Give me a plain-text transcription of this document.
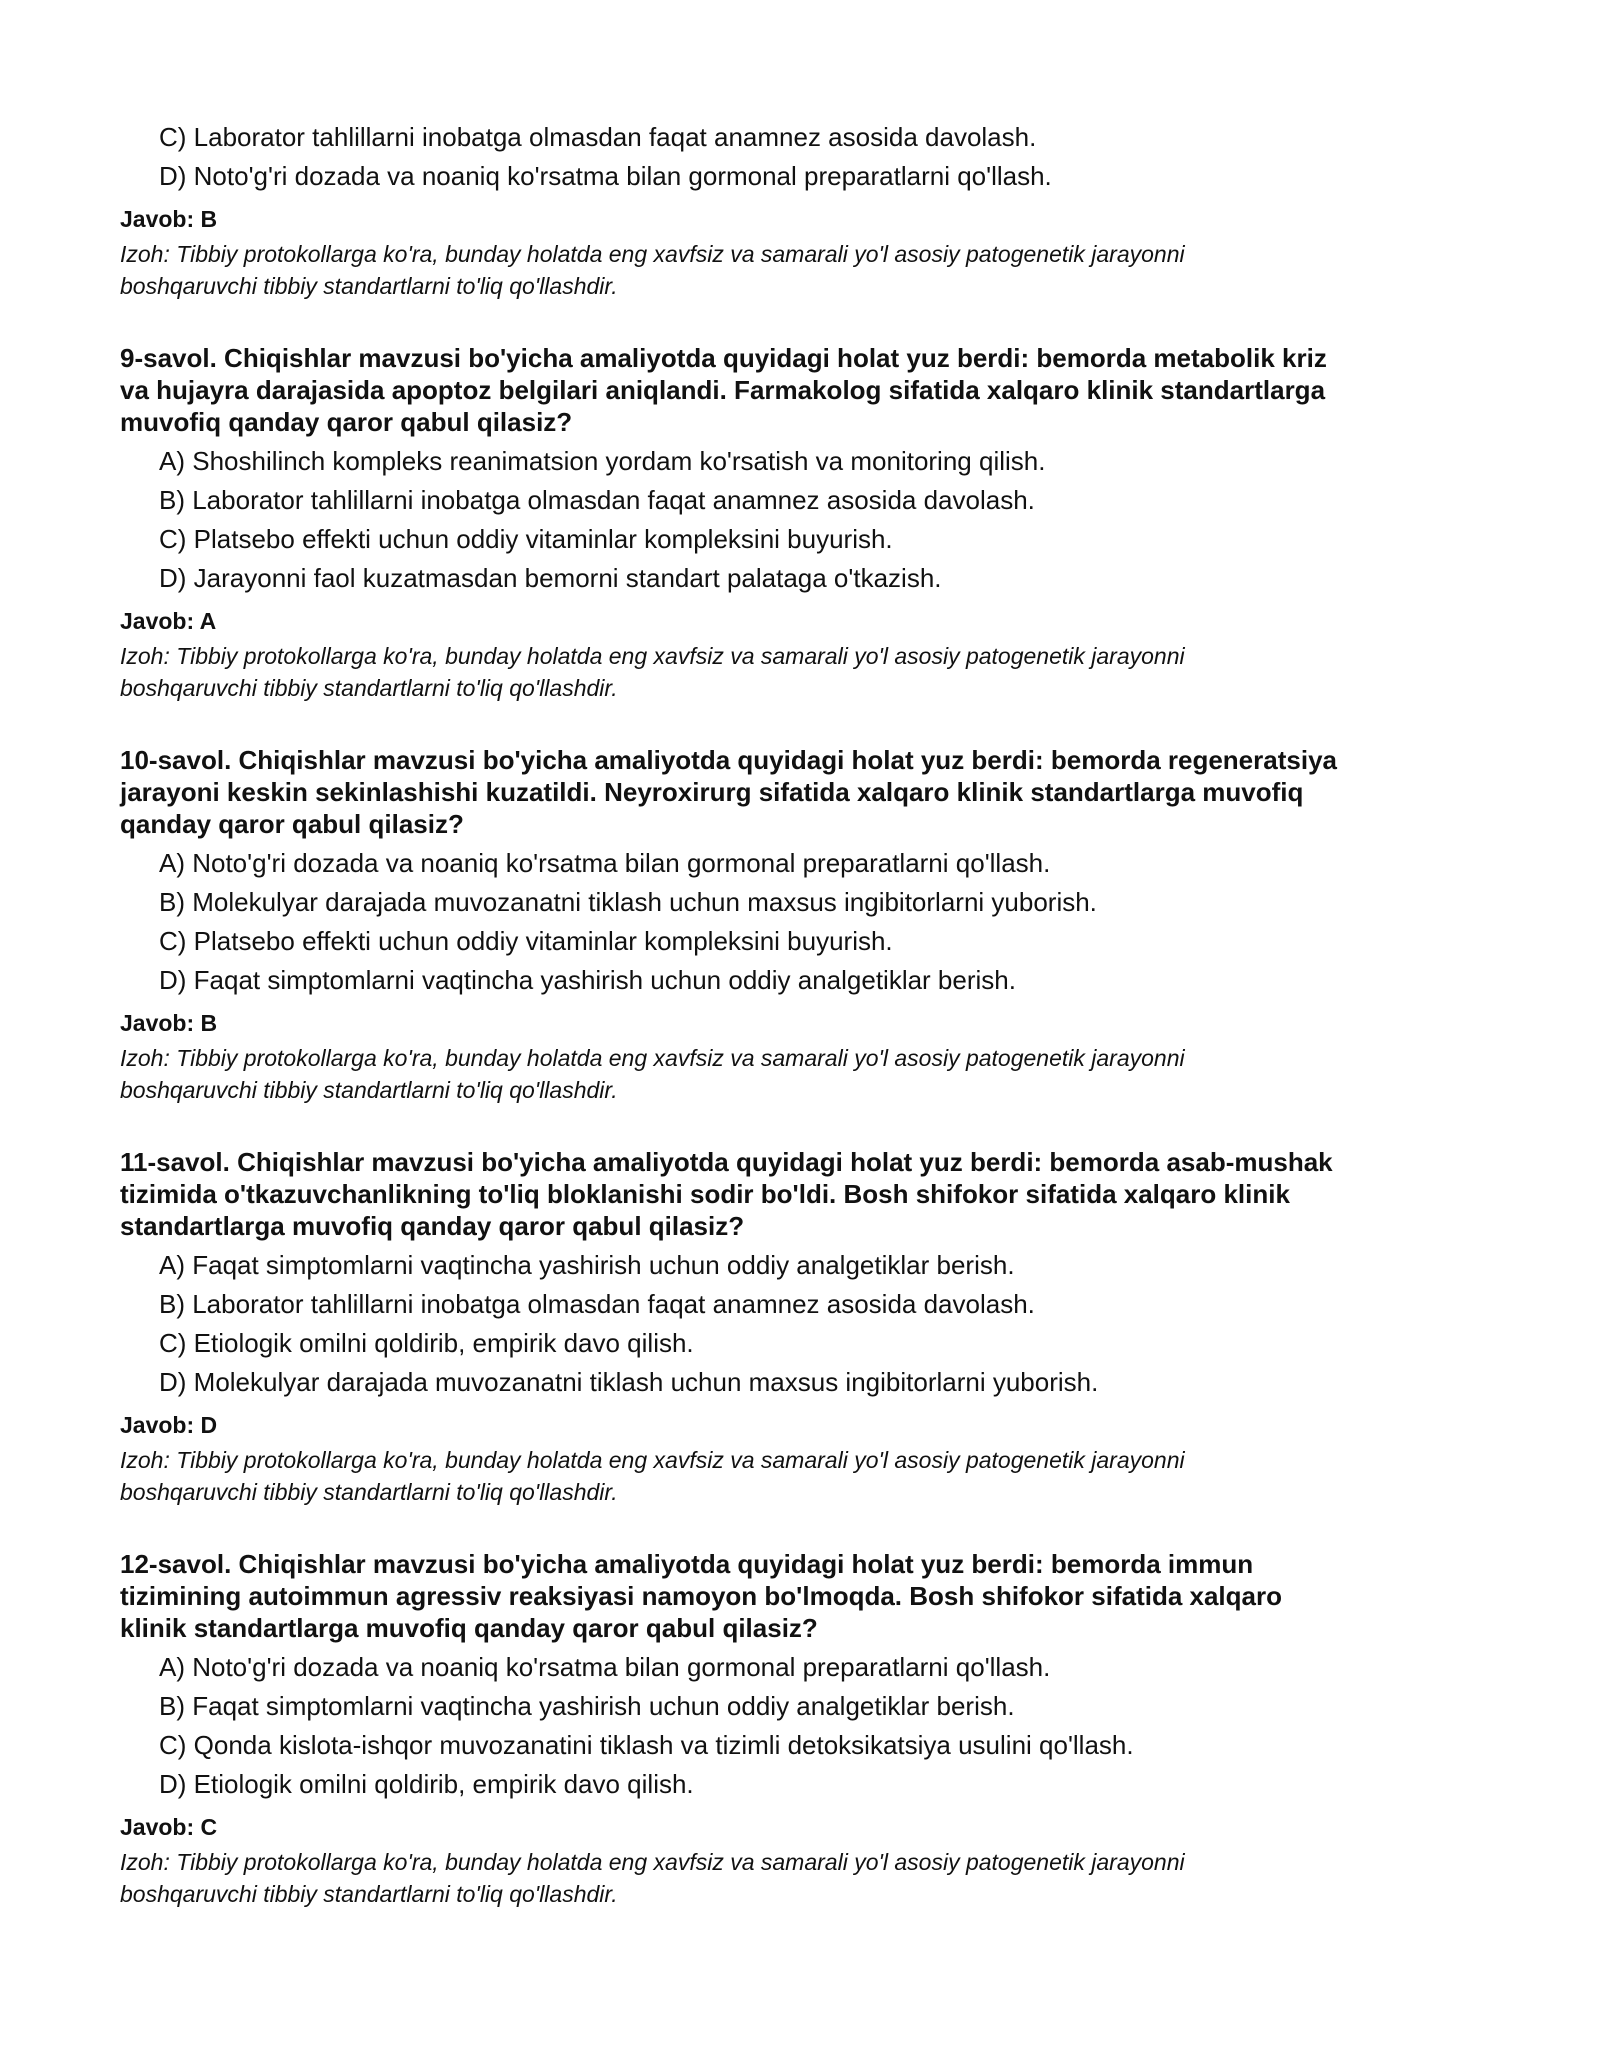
C) Laborator tahlillarni inobatga olmasdan faqat anamnez asosida davolash.
D) Noto'g'ri dozada va noaniq ko'rsatma bilan gormonal preparatlarni qo'llash.
Javob: B
Izoh: Tibbiy protokollarga ko'ra, bunday holatda eng xavfsiz va samarali yo'l asosiy patogenetik jarayonni
boshqaruvchi tibbiy standartlarni to'liq qo'llashdir.
9-savol. Chiqishlar mavzusi bo'yicha amaliyotda quyidagi holat yuz berdi: bemorda metabolik kriz
va hujayra darajasida apoptoz belgilari aniqlandi. Farmakolog sifatida xalqaro klinik standartlarga
muvofiq qanday qaror qabul qilasiz?
A) Shoshilinch kompleks reanimatsion yordam ko'rsatish va monitoring qilish.
B) Laborator tahlillarni inobatga olmasdan faqat anamnez asosida davolash.
C) Platsebo effekti uchun oddiy vitaminlar kompleksini buyurish.
D) Jarayonni faol kuzatmasdan bemorni standart palataga o'tkazish.
Javob: A
Izoh: Tibbiy protokollarga ko'ra, bunday holatda eng xavfsiz va samarali yo'l asosiy patogenetik jarayonni
boshqaruvchi tibbiy standartlarni to'liq qo'llashdir.
10-savol. Chiqishlar mavzusi bo'yicha amaliyotda quyidagi holat yuz berdi: bemorda regeneratsiya
jarayoni keskin sekinlashishi kuzatildi. Neyroxirurg sifatida xalqaro klinik standartlarga muvofiq
qanday qaror qabul qilasiz?
A) Noto'g'ri dozada va noaniq ko'rsatma bilan gormonal preparatlarni qo'llash.
B) Molekulyar darajada muvozanatni tiklash uchun maxsus ingibitorlarni yuborish.
C) Platsebo effekti uchun oddiy vitaminlar kompleksini buyurish.
D) Faqat simptomlarni vaqtincha yashirish uchun oddiy analgetiklar berish.
Javob: B
Izoh: Tibbiy protokollarga ko'ra, bunday holatda eng xavfsiz va samarali yo'l asosiy patogenetik jarayonni
boshqaruvchi tibbiy standartlarni to'liq qo'llashdir.
11-savol. Chiqishlar mavzusi bo'yicha amaliyotda quyidagi holat yuz berdi: bemorda asab-mushak
tizimida o'tkazuvchanlikning to'liq bloklanishi sodir bo'ldi. Bosh shifokor sifatida xalqaro klinik
standartlarga muvofiq qanday qaror qabul qilasiz?
A) Faqat simptomlarni vaqtincha yashirish uchun oddiy analgetiklar berish.
B) Laborator tahlillarni inobatga olmasdan faqat anamnez asosida davolash.
C) Etiologik omilni qoldirib, empirik davo qilish.
D) Molekulyar darajada muvozanatni tiklash uchun maxsus ingibitorlarni yuborish.
Javob: D
Izoh: Tibbiy protokollarga ko'ra, bunday holatda eng xavfsiz va samarali yo'l asosiy patogenetik jarayonni
boshqaruvchi tibbiy standartlarni to'liq qo'llashdir.
12-savol. Chiqishlar mavzusi bo'yicha amaliyotda quyidagi holat yuz berdi: bemorda immun
tizimining autoimmun agressiv reaksiyasi namoyon bo'lmoqda. Bosh shifokor sifatida xalqaro
klinik standartlarga muvofiq qanday qaror qabul qilasiz?
A) Noto'g'ri dozada va noaniq ko'rsatma bilan gormonal preparatlarni qo'llash.
B) Faqat simptomlarni vaqtincha yashirish uchun oddiy analgetiklar berish.
C) Qonda kislota-ishqor muvozanatini tiklash va tizimli detoksikatsiya usulini qo'llash.
D) Etiologik omilni qoldirib, empirik davo qilish.
Javob: C
Izoh: Tibbiy protokollarga ko'ra, bunday holatda eng xavfsiz va samarali yo'l asosiy patogenetik jarayonni
boshqaruvchi tibbiy standartlarni to'liq qo'llashdir.
